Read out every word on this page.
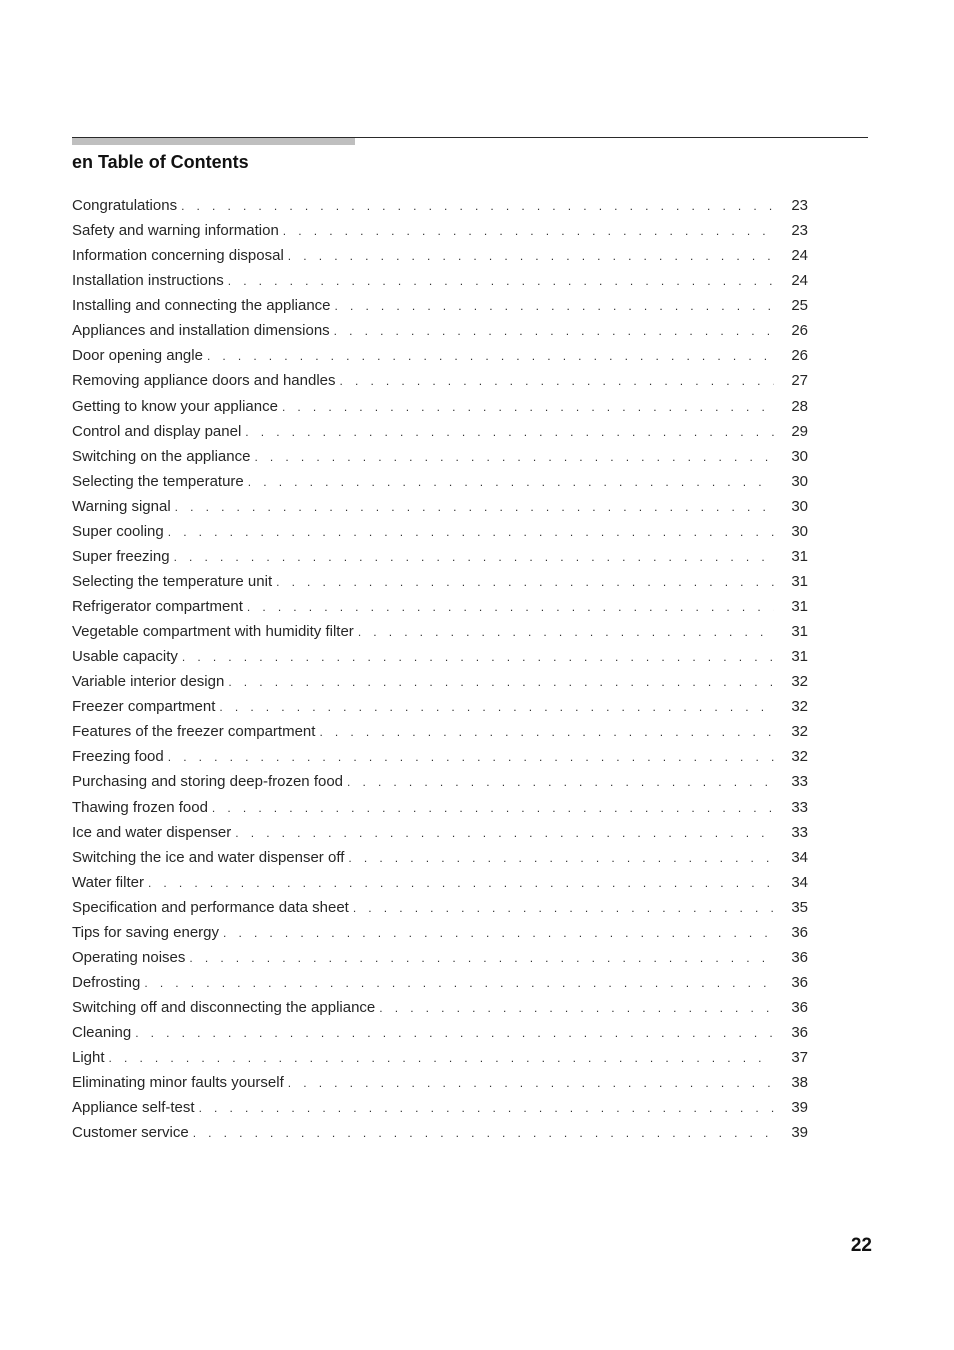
en Table of Contents
Congratulations . . .	23
Safety and warning information . . .	23
Information concerning disposal . . .	24
Installation instructions . . .	24
Installing and connecting the appliance . . .	25
Appliances and installation dimensions . . .	26
Door opening angle . . .	26
Removing appliance doors and handles . . .	27
Getting to know your appliance . . .	28
Control and display panel . . .	29
Switching on the appliance . . .	30
Selecting the temperature . . .	30
Warning signal . . .	30
Super cooling . . .	30
Super freezing . . .	31
Selecting the temperature unit . . .	31
Refrigerator compartment . . .	31
Vegetable compartment with humidity filter . . .	31
Usable capacity . . .	31
Variable interior design . . .	32
Freezer compartment . . .	32
Features of the freezer compartment . . .	32
Freezing food . . .	32
Purchasing and storing deep-frozen food . . .	33
Thawing frozen food . . .	33
Ice and water dispenser . . .	33
Switching the ice and water dispenser off . . .	34
Water filter . . .	34
Specification and performance data sheet . . .	35
Tips for saving energy . . .	36
Operating noises . . .	36
Defrosting . . .	36
Switching off and disconnecting the appliance . . .	36
Cleaning . . .	36
Light . . .	37
Eliminating minor faults yourself . . .	38
Appliance self-test . . .	39
Customer service . . .	39
22
